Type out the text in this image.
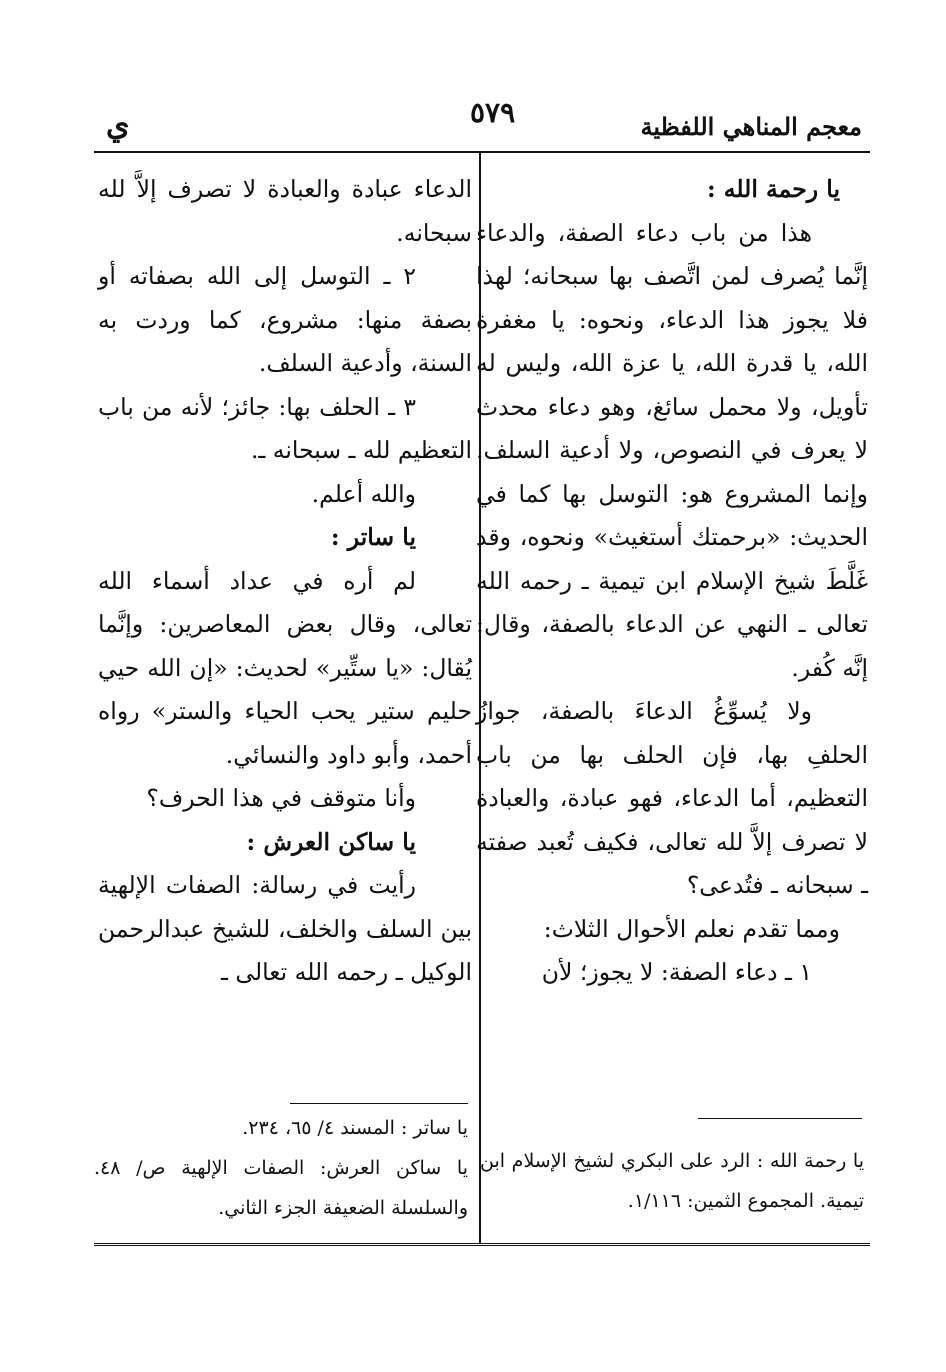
معجم المناهي اللفظية
٥٧٩
ي

يا رحمة الله :

هذا من باب دعاء الصفة، والدعاء إنَّما يُصرف لمن اتَّصف بها سبحانه؛ لهذا فلا يجوز هذا الدعاء، ونحوه: يا مغفرة الله، يا قدرة الله، يا عزة الله، وليس له تأويل، ولا محمل سائغ، وهو دعاء محدث لا يعرف في النصوص، ولا أدعية السلف. وإنما المشروع هو: التوسل بها كما في الحديث: «برحمتك أستغيث» ونحوه، وقد غَلَّطَ شيخ الإسلام ابن تيمية ـ رحمه الله تعالى ـ النهي عن الدعاء بالصفة، وقال: إنَّه كُفر.

ولا يُسوِّغُ الدعاءَ بالصفة، جوازُ الحلفِ بها، فإن الحلف بها من باب التعظيم، أما الدعاء، فهو عبادة، والعبادة لا تصرف إلاَّ لله تعالى، فكيف تُعبد صفته ـ سبحانه ـ فتُدعى؟

ومما تقدم نعلم الأحوال الثلاث:

١ ـ دعاء الصفة: لا يجوز؛ لأن

الدعاء عبادة والعبادة لا تصرف إلاَّ لله سبحانه.

٢ ـ التوسل إلى الله بصفاته أو بصفة منها: مشروع، كما وردت به السنة، وأدعية السلف.

٣ ـ الحلف بها: جائز؛ لأنه من باب التعظيم لله ـ سبحانه ـ.

والله أعلم.

يا ساتر :

لم أره في عداد أسماء الله تعالى، وقال بعض المعاصرين: وإنَّما يُقال: «يا ستِّير» لحديث: «إن الله حيي حليم ستير يحب الحياء والستر» رواه أحمد، وأبو داود والنسائي.

وأنا متوقف في هذا الحرف؟

يا ساكن العرش :

رأيت في رسالة: الصفات الإلهية بين السلف والخلف، للشيخ عبدالرحمن الوكيل ـ رحمه الله تعالى ـ

يا رحمة الله : الرد على البكري لشيخ الإسلام ابن تيمية. المجموع الثمين: ١/١١٦.

يا ساتر : المسند ٤/ ٦٥، ٢٣٤.

يا ساكن العرش: الصفات الإلهية ص/ ٤٨. والسلسلة الضعيفة الجزء الثاني.
